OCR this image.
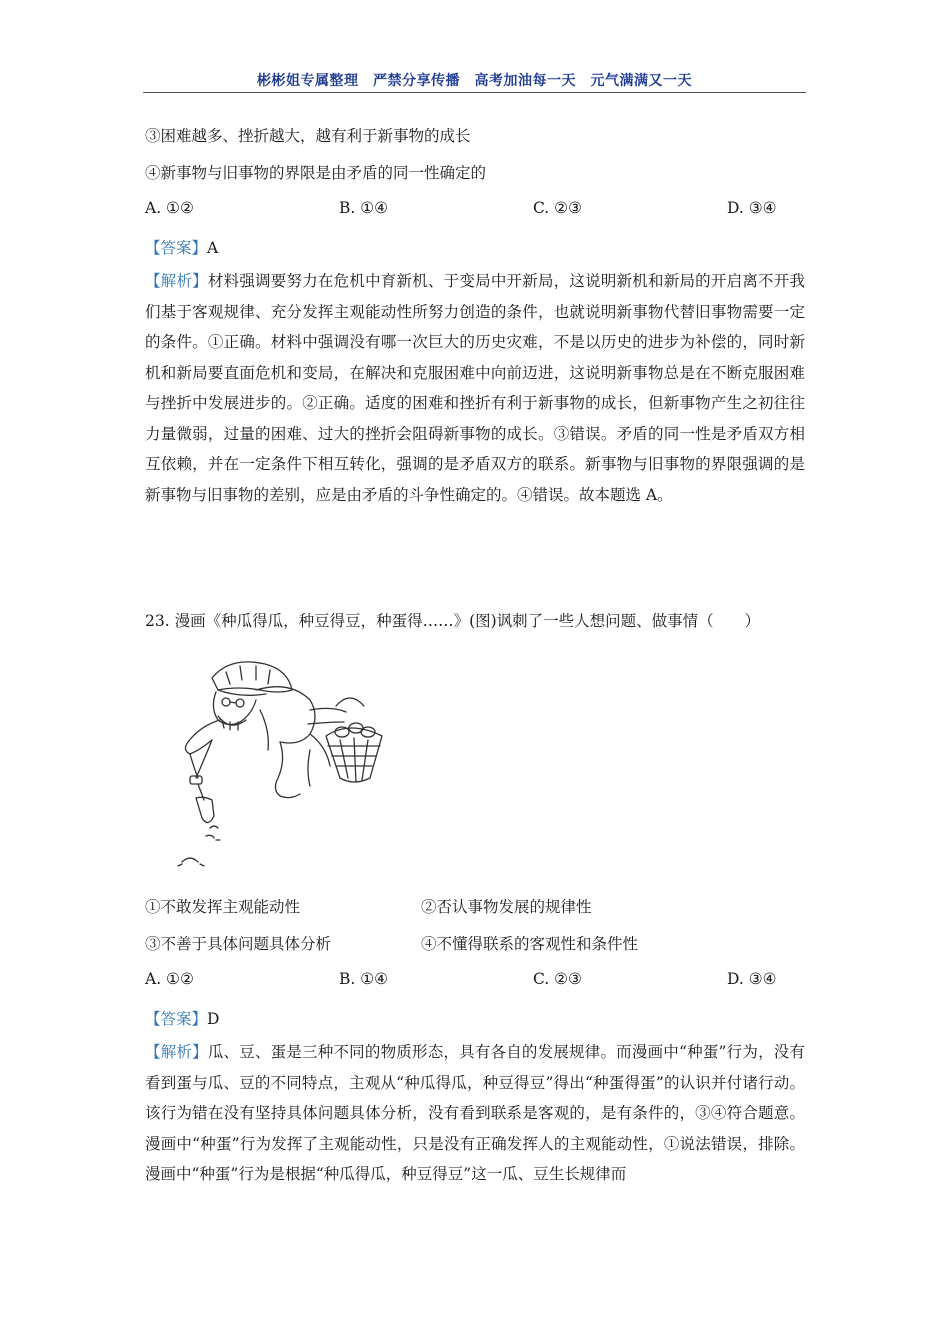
彬彬姐专属整理　严禁分享传播　高考加油每一天　元气满满又一天
③困难越多、挫折越大，越有利于新事物的成长
④新事物与旧事物的界限是由矛盾的同一性确定的
A. ①②	B. ①④	C. ②③	D. ③④
【答案】A

【解析】材料强调要努力在危机中育新机、于变局中开新局，这说明新机和新局的开启离不开我们基于客观规律、充分发挥主观能动性所努力创造的条件，也就说明新事物代替旧事物需要一定的条件。①正确。材料中强调没有哪一次巨大的历史灾难，不是以历史的进步为补偿的，同时新机和新局要直面危机和变局，在解决和克服困难中向前迈进，这说明新事物总是在不断克服困难与挫折中发展进步的。②正确。适度的困难和挫折有利于新事物的成长，但新事物产生之初往往力量微弱，过量的困难、过大的挫折会阻碍新事物的成长。③错误。矛盾的同一性是矛盾双方相互依赖，并在一定条件下相互转化，强调的是矛盾双方的联系。新事物与旧事物的界限强调的是新事物与旧事物的差别，应是由矛盾的斗争性确定的。④错误。故本题选 A。

23. 漫画《种瓜得瓜，种豆得豆，种蛋得……》(图)讽刺了一些人想问题、做事情（　　）
①不敢发挥主观能动性	②否认事物发展的规律性
③不善于具体问题具体分析	④不懂得联系的客观性和条件性
A. ①②	B. ①④	C. ②③	D. ③④
【答案】D

【解析】瓜、豆、蛋是三种不同的物质形态，具有各自的发展规律。而漫画中“种蛋”行为，没有看到蛋与瓜、豆的不同特点，主观从“种瓜得瓜，种豆得豆”得出“种蛋得蛋”的认识并付诸行动。该行为错在没有坚持具体问题具体分析，没有看到联系是客观的，是有条件的，③④符合题意。漫画中“种蛋”行为发挥了主观能动性，只是没有正确发挥人的主观能动性，①说法错误，排除。漫画中“种蛋”行为是根据“种瓜得瓜，种豆得豆”这一瓜、豆生长规律而
